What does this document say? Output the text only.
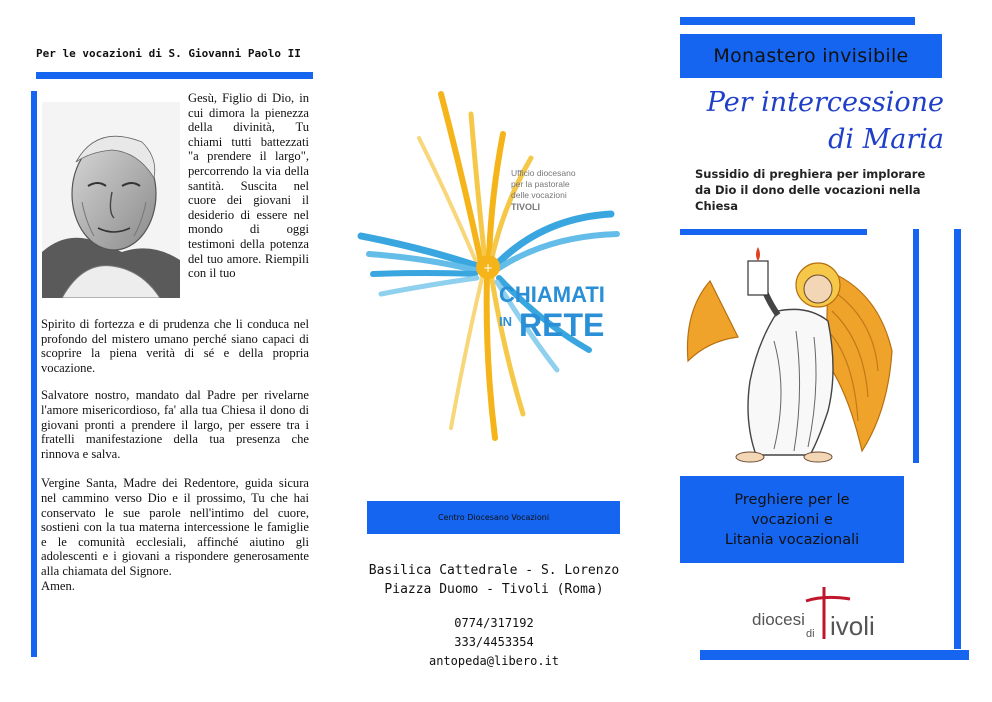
Per le vocazioni di S. Giovanni Paolo II

Gesù, Figlio di Dio, in cui dimora la pienezza della divinità, Tu chiami tutti battezzati "a prendere il largo", percorrendo la via della santità. Suscita nel cuore dei giovani il desiderio di essere nel mondo di oggi testimoni della potenza del tuo amore. Riempili con il tuo

Spirito di fortezza e di prudenza che li conduca nel profondo del mistero umano perché siano capaci di scoprire la piena verità di sé e della propria vocazione.

Salvatore nostro, mandato dal Padre per rivelarne l'amore misericordioso, fa' alla tua Chiesa il dono di giovani pronti a prendere il largo, per essere tra i fratelli manifestazione della tua presenza che rinnova e salva.

Vergine Santa, Madre dei Redentore, guida sicura nel cammino verso Dio e il prossimo, Tu che hai conservato le sue parole nell'intimo del cuore, sostieni con la tua materna intercessione le famiglie e le comunità ecclesiali, affinché aiutino gli adolescenti e i giovani a rispondere generosamente alla chiamata del Signore.
Amen.

+
Ufficio diocesano
per la pastorale
delle vocazioni
TIVOLI
CHIAMATI
IN RETE
Centro Diocesano Vocazioni
Basilica Cattedrale - S. Lorenzo
Piazza Duomo - Tivoli (Roma)
0774/317192
333/4453354
antopeda@libero.it
Monastero invisibile
Per intercessione
di Maria
Sussidio di preghiera per implorare da Dio il dono delle vocazioni nella Chiesa
Preghiere per le
vocazioni e
Litania vocazionali
diocesi
di ivoli
